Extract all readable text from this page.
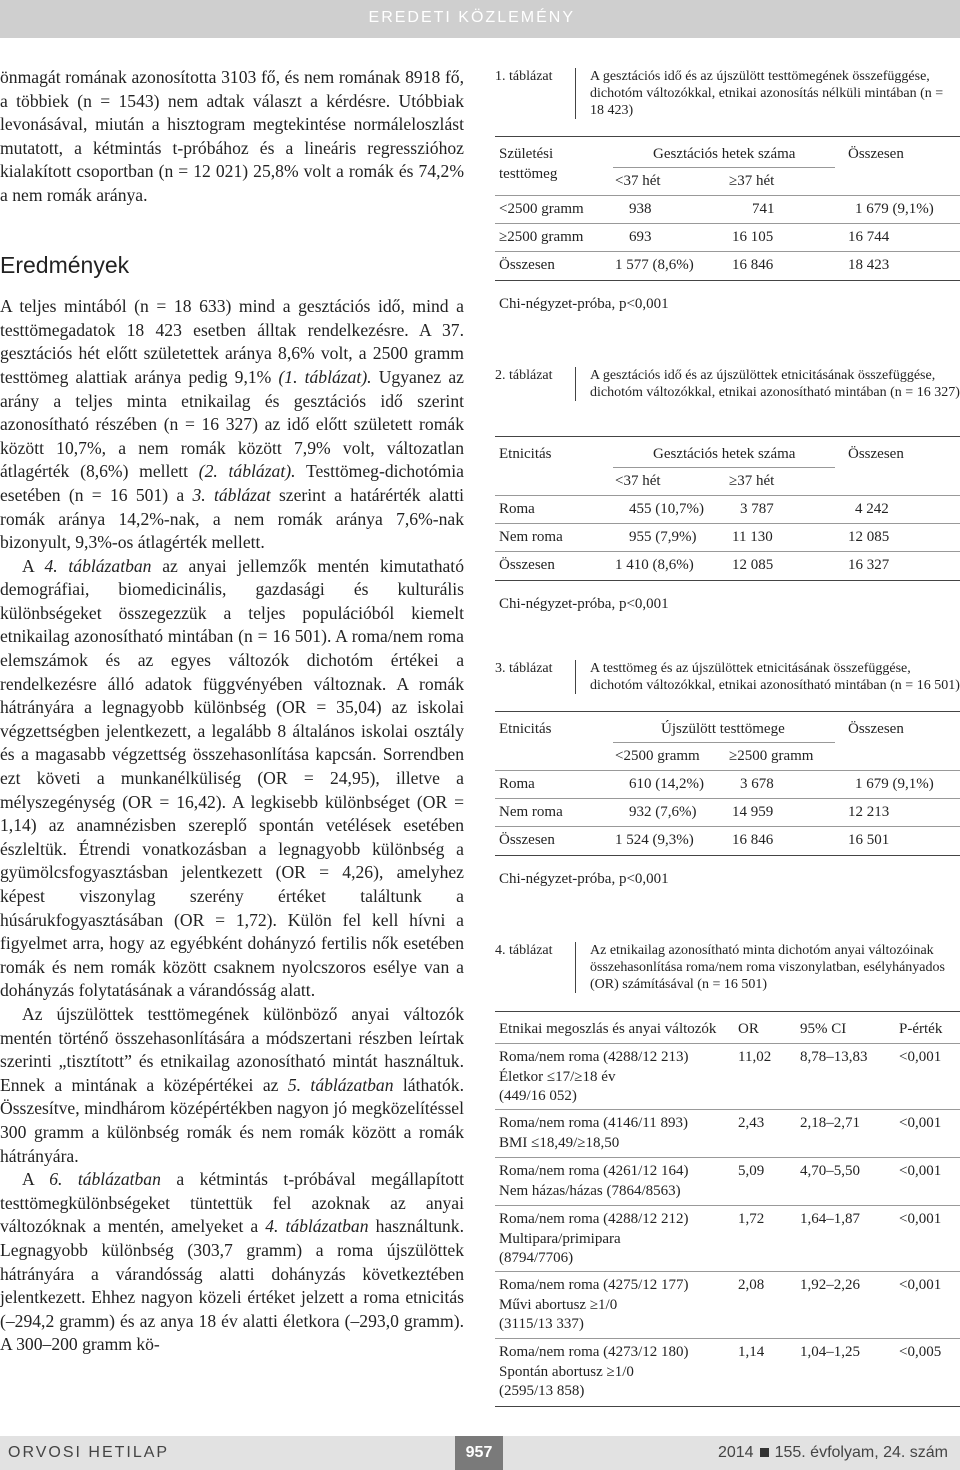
EREDETI KÖZLEMÉNY

önmagát romának azonosította 3103 fő, és nem romának 8918 fő, a többiek (n = 1543) nem adtak választ a kérdésre. Utóbbiak levonásával, miután a hisztogram megtekintése normáleloszlást mutatott, a kétmintás t-próbához és a lineáris regresszióhoz kialakított csoportban (n = 12 021) 25,8% volt a romák és 74,2% a nem romák aránya.

Eredmények

A teljes mintából (n = 18 633) mind a gesztációs idő, mind a testtömegadatok 18 423 esetben álltak rendelkezésre. A 37. gesztációs hét előtt születettek aránya 8,6% volt, a 2500 gramm testtömeg alattiak aránya pedig 9,1% (1. táblázat). Ugyanez az arány a teljes minta etnikailag és gesztációs idő szerint azonosítható részében (n = 16 327) az idő előtt született romák között 10,7%, a nem romák között 7,9% volt, változatlan átlagérték (8,6%) mellett (2. táblázat). Testtömeg-dichotómia esetében (n = 16 501) a 3. táblázat szerint a határérték alatti romák aránya 14,2%-nak, a nem romák aránya 7,6%-nak bizonyult, 9,3%-os átlagérték mellett.

A 4. táblázatban az anyai jellemzők mentén kimutatható demográfiai, biomedicinális, gazdasági és kulturális különbségeket összegezzük a teljes populációból kiemelt etnikailag azonosítható mintában (n = 16 501). A roma/nem roma elemszámok és az egyes változók dichotóm értékei a rendelkezésre álló adatok függvényében változnak. A romák hátrányára a legnagyobb különbség (OR = 35,04) az iskolai végzettségben jelentkezett, a legalább 8 általános iskolai osztály és a magasabb végzettség összehasonlítása kapcsán. Sorrendben ezt követi a munkanélküliség (OR = 24,95), illetve a mélyszegénység (OR = 16,42). A legkisebb különbséget (OR = 1,14) az anamnézisben szereplő spontán vetélések esetében észleltük. Étrendi vonatkozásban a legnagyobb különbség a gyümölcsfogyasztásban jelentkezett (OR = 4,26), amelyhez képest viszonylag szerény értéket találtunk a húsárukfogyasztásában (OR = 1,72). Külön fel kell hívni a figyelmet arra, hogy az egyébként dohányzó fertilis nők esetében romák és nem romák között csaknem nyolcszoros esélye van a dohányzás folytatásának a várandósság alatt.

Az újszülöttek testtömegének különböző anyai változók mentén történő összehasonlítására a módszertani részben leírtak szerinti „tisztított” és etnikailag azonosítható mintát használtuk. Ennek a mintának a középértékei az 5. táblázatban láthatók. Összesítve, mindhárom középértékben nagyon jó megközelítéssel 300 gramm a különbség romák és nem romák között a romák hátrányára.

A 6. táblázatban a kétmintás t-próbával megállapított testtömegkülönbségeket tüntettük fel azoknak az anyai változóknak a mentén, amelyeket a 4. táblázatban használtunk. Legnagyobb különbség (303,7 gramm) a roma újszülöttek hátrányára a várandósság alatti dohányzás következtében jelentkezett. Ehhez nagyon közeli értéket jelzett a roma etnicitás (–294,2 gramm) és az anya 18 év alatti életkora (–293,0 gramm). A 300–200 gramm kö-

1. táblázat	A gesztációs idő és az újszülött testtömegének összefüggése, dichotóm változókkal, etnikai azonosítás nélküli mintában (n = 18 423)
Születési
testtömeg
Gesztációs hetek száma	Összesen
<37 hét	≥37 hét
<2500 gramm	938	741	1 679 (9,1%)
≥2500 gramm	693	16 105	16 744
Összesen	1 577 (8,6%)	16 846	18 423
Chi-négyzet-próba, p<0,001
2. táblázat	A gesztációs idő és az újszülöttek etnicitásának összefüggése, dichotóm változókkal, etnikai azonosítható mintában (n = 16 327)
Etnicitás	Gesztációs hetek száma	Összesen
<37 hét	≥37 hét
Roma	455 (10,7%) 3 787	4 242
Nem roma	955 (7,9%) 11 130	12 085
Összesen	1 410 (8,6%)	12 085	16 327
Chi-négyzet-próba, p<0,001
3. táblázat	A testtömeg és az újszülöttek etnicitásának összefüggése, dichotóm változókkal, etnikai azonosítható mintában (n = 16 501)
Etnicitás	Újszülött testtömege	Összesen
<2500 gramm ≥2500 gramm
Roma	610 (14,2%) 3 678	1 679 (9,1%)
Nem roma	932 (7,6%) 14 959	12 213
Összesen	1 524 (9,3%)	16 846	16 501
Chi-négyzet-próba, p<0,001
4. táblázat	Az etnikailag azonosítható minta dichotóm anyai változóinak összehasonlítása roma/nem roma viszonylatban, esélyhányados (OR) számításával (n = 16 501)
Etnikai megoszlás és anyai változók	OR	95% CI	P-érték
Roma/nem roma (4288/12 213)
Életkor ≤17/≥18 év
(449/16 052)
11,02 8,78–13,83 <0,001
Roma/nem roma (4146/11 893)
BMI ≤18,49/≥18,50
2,43 2,18–2,71	<0,001
Roma/nem roma (4261/12 164)
Nem házas/házas (7864/8563)
5,09 4,70–5,50	<0,001
Roma/nem roma (4288/12 212)
Multipara/primipara
(8794/7706)
1,72 1,64–1,87	<0,001
Roma/nem roma (4275/12 177)
Művi abortusz ≥1/0
(3115/13 337)
2,08 1,92–2,26	<0,001
Roma/nem roma (4273/12 180)
Spontán abortusz ≥1/0
(2595/13 858)
1,14 1,04–1,25	<0,005
ORVOSI HETILAP	957	2014 155. évfolyam, 24. szám
